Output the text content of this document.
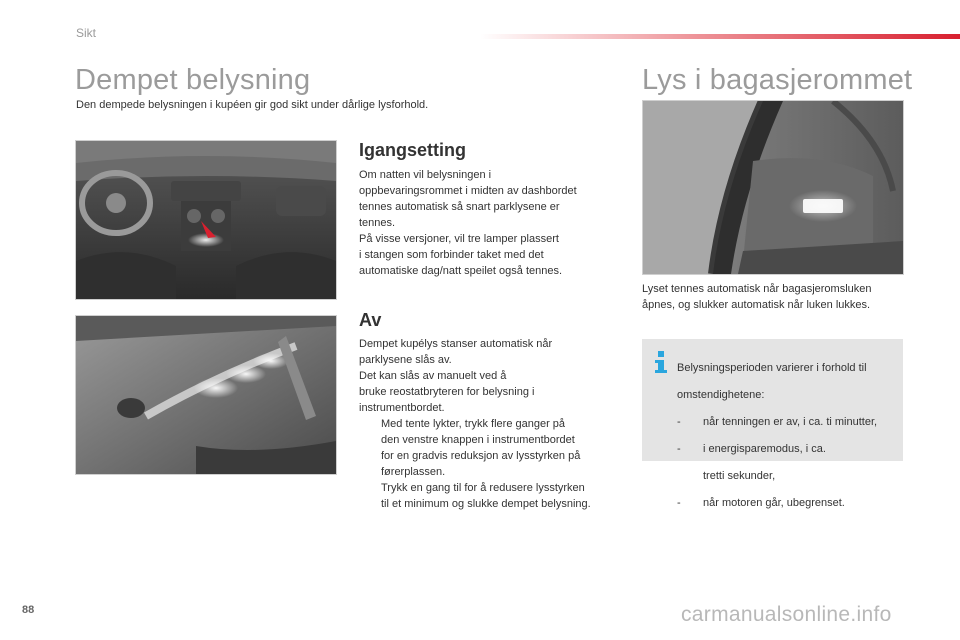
Sikt
Dempet belysning
Den dempede belysningen i kupéen gir god sikt under dårlige lysforhold.
Igangsetting

Om natten vil belysningen i

oppbevaringsrommet i midten av dashbordet

tennes automatisk så snart parklysene er

tennes.

På visse versjoner, vil tre lamper plassert

i stangen som forbinder taket med det

automatiske dag/natt speilet også tennes.

Av

Dempet kupélys stanser automatisk når

parklysene slås av.

Det kan slås av manuelt ved å

bruke reostatbryteren for belysning i

instrumentbordet.

Med tente lykter, trykk flere ganger på

den venstre knappen i instrumentbordet

for en gradvis reduksjon av lysstyrken på

førerplassen.

Trykk en gang til for å redusere lysstyrken

til et minimum og slukke dempet belysning.

Lys i bagasjerommet

Lyset tennes automatisk når bagasjeromsluken

åpnes, og slukker automatisk når luken lukkes.

Belysningsperioden varierer i forhold til

omstendighetene:

- når tenningen er av, i ca. ti minutter,

- i energisparemodus, i ca.

tretti sekunder,

- når motoren går, ubegrenset.

88	carmanualsonline.info
